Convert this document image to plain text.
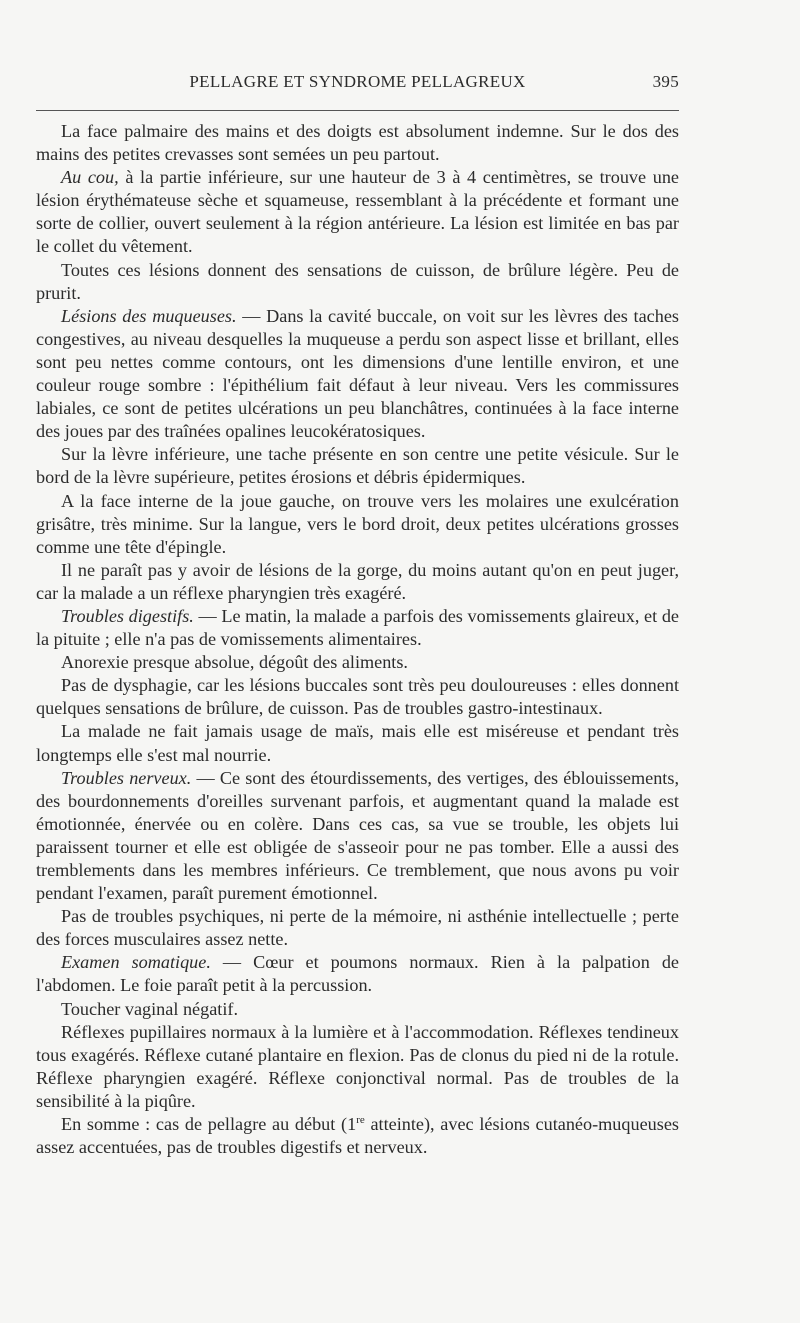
PELLAGRE ET SYNDROME PELLAGREUX	395

La face palmaire des mains et des doigts est absolument indemne. Sur le dos des mains des petites crevasses sont semées un peu partout.

Au cou, à la partie inférieure, sur une hauteur de 3 à 4 centimètres, se trouve une lésion érythémateuse sèche et squameuse, ressemblant à la précédente et formant une sorte de collier, ouvert seulement à la région antérieure. La lésion est limitée en bas par le collet du vêtement.

Toutes ces lésions donnent des sensations de cuisson, de brûlure légère. Peu de prurit.

Lésions des muqueuses. — Dans la cavité buccale, on voit sur les lèvres des taches congestives, au niveau desquelles la muqueuse a perdu son aspect lisse et brillant, elles sont peu nettes comme contours, ont les dimensions d'une lentille environ, et une couleur rouge sombre : l'épithélium fait défaut à leur niveau. Vers les commissures labiales, ce sont de petites ulcérations un peu blanchâtres, continuées à la face interne des joues par des traînées opalines leucokératosiques.

Sur la lèvre inférieure, une tache présente en son centre une petite vésicule. Sur le bord de la lèvre supérieure, petites érosions et débris épidermiques.

A la face interne de la joue gauche, on trouve vers les molaires une exulcération grisâtre, très minime. Sur la langue, vers le bord droit, deux petites ulcérations grosses comme une tête d'épingle.

Il ne paraît pas y avoir de lésions de la gorge, du moins autant qu'on en peut juger, car la malade a un réflexe pharyngien très exagéré.

Troubles digestifs. — Le matin, la malade a parfois des vomissements glaireux, et de la pituite ; elle n'a pas de vomissements alimentaires.

Anorexie presque absolue, dégoût des aliments.

Pas de dysphagie, car les lésions buccales sont très peu douloureuses : elles donnent quelques sensations de brûlure, de cuisson. Pas de troubles gastro-intestinaux.

La malade ne fait jamais usage de maïs, mais elle est miséreuse et pendant très longtemps elle s'est mal nourrie.

Troubles nerveux. — Ce sont des étourdissements, des vertiges, des éblouissements, des bourdonnements d'oreilles survenant parfois, et augmentant quand la malade est émotionnée, énervée ou en colère. Dans ces cas, sa vue se trouble, les objets lui paraissent tourner et elle est obligée de s'asseoir pour ne pas tomber. Elle a aussi des tremblements dans les membres inférieurs. Ce tremblement, que nous avons pu voir pendant l'examen, paraît purement émotionnel.

Pas de troubles psychiques, ni perte de la mémoire, ni asthénie intellectuelle ; perte des forces musculaires assez nette.

Examen somatique. — Cœur et poumons normaux. Rien à la palpation de l'abdomen. Le foie paraît petit à la percussion.

Toucher vaginal négatif.

Réflexes pupillaires normaux à la lumière et à l'accommodation. Réflexes tendineux tous exagérés. Réflexe cutané plantaire en flexion. Pas de clonus du pied ni de la rotule. Réflexe pharyngien exagéré. Réflexe conjonctival normal. Pas de troubles de la sensibilité à la piqûre.

En somme : cas de pellagre au début (1re atteinte), avec lésions cutanéo-muqueuses assez accentuées, pas de troubles digestifs et nerveux.
